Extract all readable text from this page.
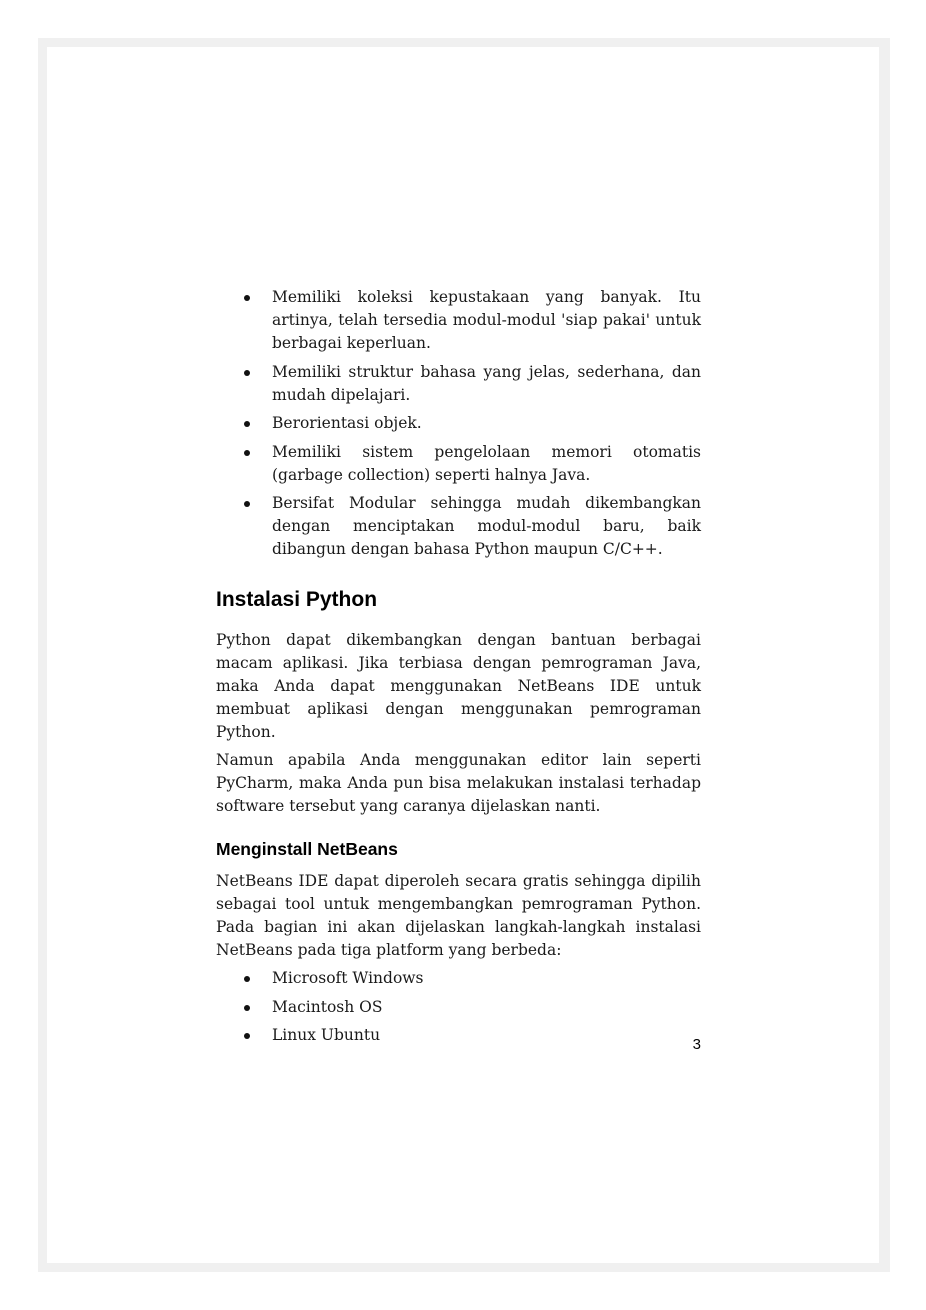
Memiliki koleksi kepustakaan yang banyak. Itu artinya, telah tersedia modul-modul 'siap pakai' untuk berbagai keperluan.
Memiliki struktur bahasa yang jelas, sederhana, dan mudah dipelajari.
Berorientasi objek.
Memiliki sistem pengelolaan memori otomatis (garbage collection) seperti halnya Java.
Bersifat Modular sehingga mudah dikembangkan dengan menciptakan modul-modul baru, baik dibangun dengan bahasa Python maupun C/C++.
Instalasi Python

Python dapat dikembangkan dengan bantuan berbagai macam aplikasi. Jika terbiasa dengan pemrograman Java, maka Anda dapat menggunakan NetBeans IDE untuk membuat aplikasi dengan menggunakan pemrograman Python.

Namun apabila Anda menggunakan editor lain seperti PyCharm, maka Anda pun bisa melakukan instalasi terhadap software tersebut yang caranya dijelaskan nanti.

Menginstall NetBeans

NetBeans IDE dapat diperoleh secara gratis sehingga dipilih sebagai tool untuk mengembangkan pemrograman Python. Pada bagian ini akan dijelaskan langkah-langkah instalasi NetBeans pada tiga platform yang berbeda:

Microsoft Windows
Macintosh OS
Linux Ubuntu
3
